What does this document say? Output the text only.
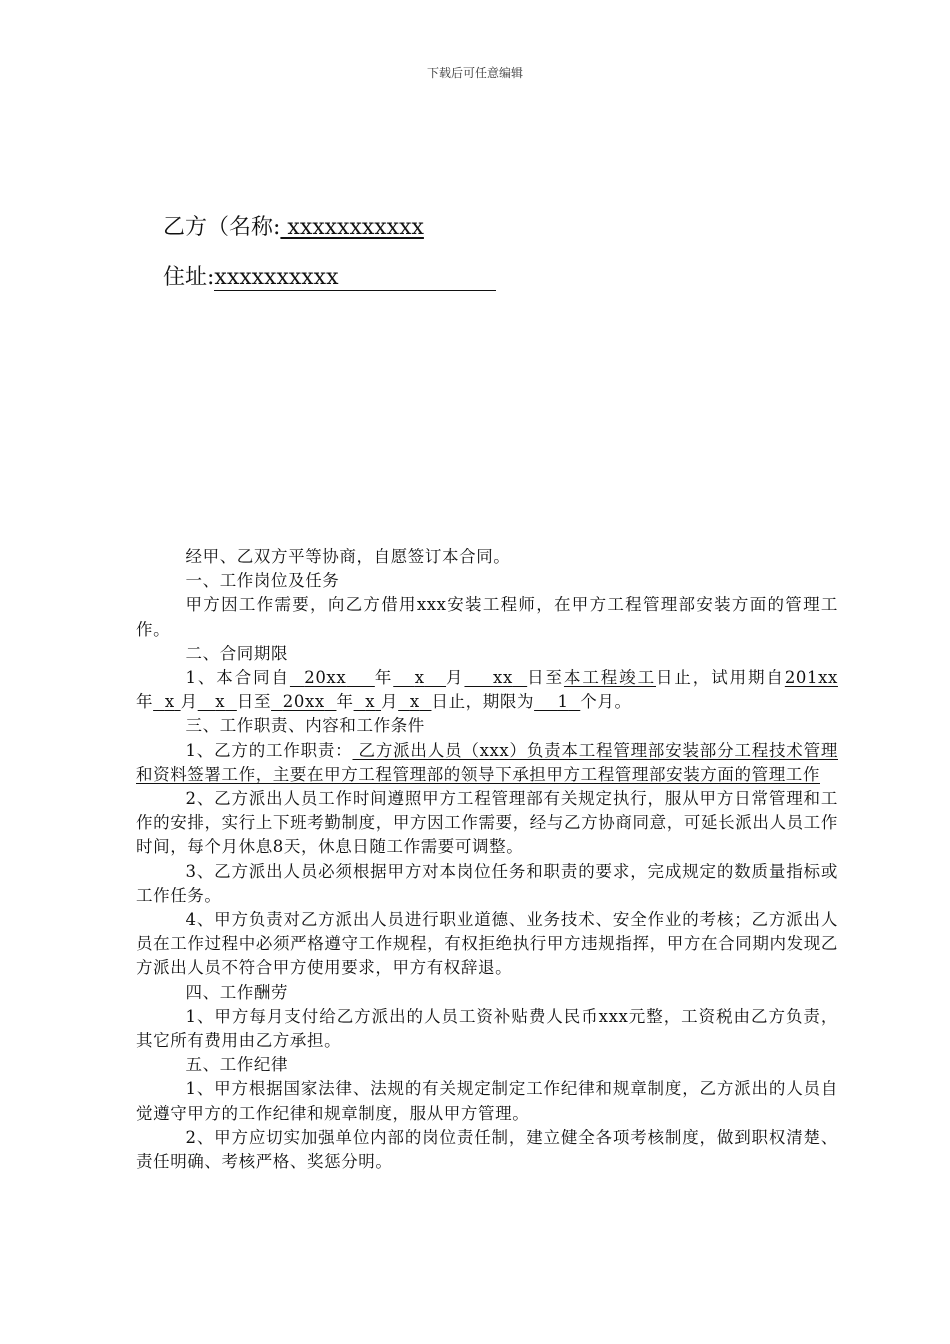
下载后可任意编辑
乙方（名称: xxxxxxxxxxx
住址:xxxxxxxxxx

经甲、乙双方平等协商，自愿签订本合同。

一、工作岗位及任务

甲方因工作需要，向乙方借用xxx安装工程师，在甲方工程管理部安装方面的管理工作。

二、合同期限

1、本合同自 20xx 年 x 月 xx 日至本工程竣工日止，试用期自201xx年 x 月 x 日至 20xx 年 x 月 x 日止，期限为 1 个月。

三、工作职责、内容和工作条件

1、乙方的工作职责： 乙方派出人员（xxx）负责本工程管理部安装部分工程技术管理和资料签署工作，主要在甲方工程管理部的领导下承担甲方工程管理部安装方面的管理工作

2、乙方派出人员工作时间遵照甲方工程管理部有关规定执行，服从甲方日常管理和工作的安排，实行上下班考勤制度，甲方因工作需要，经与乙方协商同意，可延长派出人员工作时间，每个月休息8天，休息日随工作需要可调整。

3、乙方派出人员必须根据甲方对本岗位任务和职责的要求，完成规定的数质量指标或工作任务。

4、甲方负责对乙方派出人员进行职业道德、业务技术、安全作业的考核；乙方派出人员在工作过程中必须严格遵守工作规程，有权拒绝执行甲方违规指挥，甲方在合同期内发现乙方派出人员不符合甲方使用要求，甲方有权辞退。

四、工作酬劳

1、甲方每月支付给乙方派出的人员工资补贴费人民币xxx元整，工资税由乙方负责，其它所有费用由乙方承担。

五、工作纪律

1、甲方根据国家法律、法规的有关规定制定工作纪律和规章制度，乙方派出的人员自觉遵守甲方的工作纪律和规章制度，服从甲方管理。

2、甲方应切实加强单位内部的岗位责任制，建立健全各项考核制度，做到职权清楚、责任明确、考核严格、奖惩分明。
